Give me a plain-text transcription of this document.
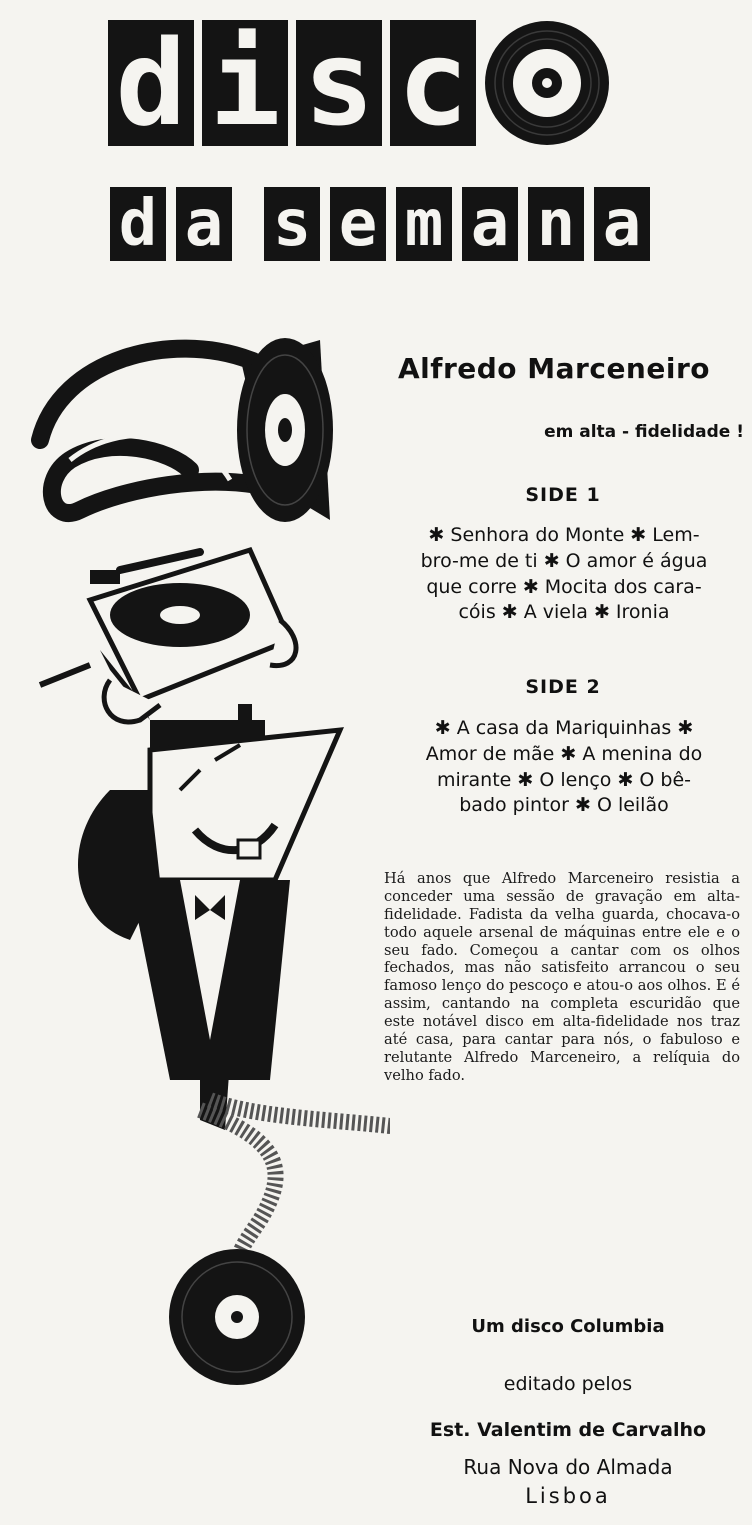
d i s c
d a s e m a n a
Alfredo Marceneiro
em alta - fidelidade !
SIDE 1
✱ Senhora do Monte ✱ Lem-
bro-me de ti ✱ O amor é água
que corre ✱ Mocita dos cara-
cóis ✱ A viela ✱ Ironia
SIDE 2
✱ A casa da Mariquinhas ✱
Amor de mãe ✱ A menina do
mirante ✱ O lenço ✱ O bê-
bado pintor ✱ O leilão

Há anos que Alfredo Marceneiro resistia a conceder uma sessão de gravação em alta-fidelidade. Fadista da velha guarda, chocava-o todo aquele arsenal de máquinas entre ele e o seu fado. Começou a cantar com os olhos fechados, mas não satisfeito arrancou o seu famoso lenço do pescoço e atou-o aos olhos. E é assim, cantando na completa escuridão que este notável disco em alta-fidelidade nos traz até casa, para cantar para nós, o fabuloso e relutante Alfredo Marceneiro, a relíquia do velho fado.

Um disco Columbia
editado pelos
Est. Valentim de Carvalho
Rua Nova do Almada
Lisboa
